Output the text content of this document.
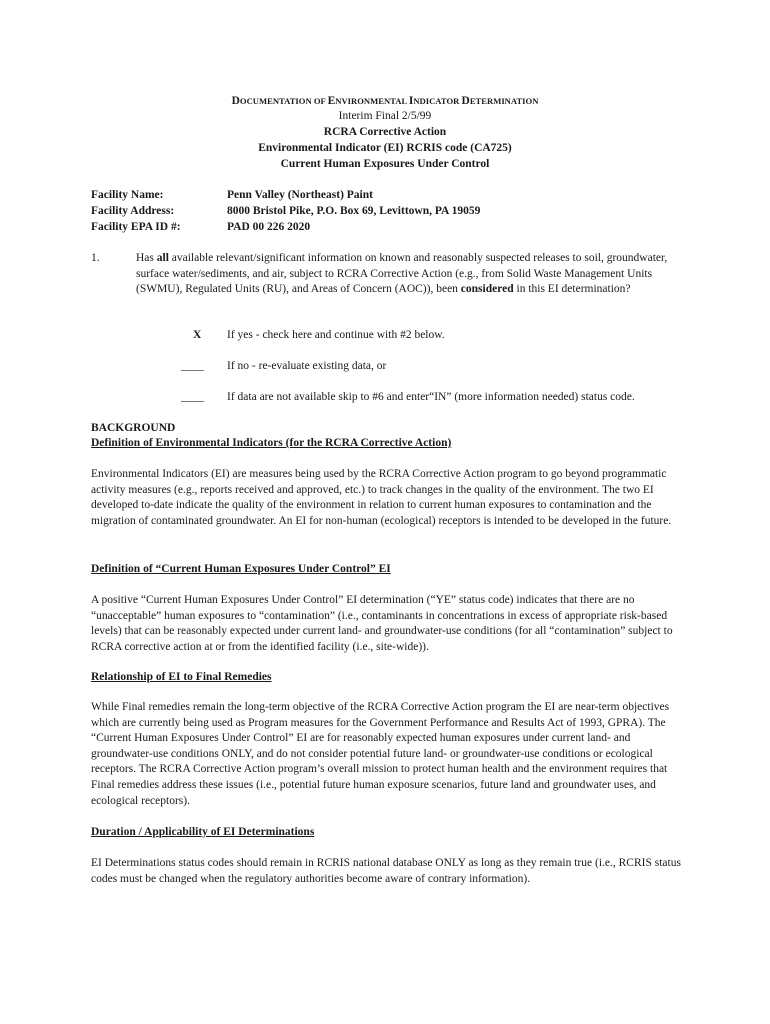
DOCUMENTATION OF ENVIRONMENTAL INDICATOR DETERMINATION
Interim Final 2/5/99
RCRA Corrective Action
Environmental Indicator (EI) RCRIS code (CA725)
Current Human Exposures Under Control
Facility Name:	Penn Valley (Northeast) Paint
Facility Address:	8000 Bristol Pike, P.O. Box 69, Levittown, PA 19059
Facility EPA ID #:	PAD 00 226 2020
1.	Has all available relevant/significant information on known and reasonably suspected releases to soil, groundwater, surface water/sediments, and air, subject to RCRA Corrective Action (e.g., from Solid Waste Management Units (SWMU), Regulated Units (RU), and Areas of Concern (AOC)), been considered in this EI determination?

X If yes - check here and continue with #2 below.
____ If no - re-evaluate existing data, or
____ If data are not available skip to #6 and enter“IN” (more information needed) status code.
BACKGROUND
Definition of Environmental Indicators (for the RCRA Corrective Action)

Environmental Indicators (EI) are measures being used by the RCRA Corrective Action program to go beyond programmatic activity measures (e.g., reports received and approved, etc.) to track changes in the quality of the environment. The two EI developed to-date indicate the quality of the environment in relation to current human exposures to contamination and the migration of contaminated groundwater. An EI for non-human (ecological) receptors is intended to be developed in the future.

Definition of “Current Human Exposures Under Control” EI

A positive “Current Human Exposures Under Control” EI determination (“YE” status code) indicates that there are no “unacceptable” human exposures to “contamination” (i.e., contaminants in concentrations in excess of appropriate risk-based levels) that can be reasonably expected under current land- and groundwater-use conditions (for all “contamination” subject to RCRA corrective action at or from the identified facility (i.e., site-wide)).

Relationship of EI to Final Remedies

While Final remedies remain the long-term objective of the RCRA Corrective Action program the EI are near-term objectives which are currently being used as Program measures for the Government Performance and Results Act of 1993, GPRA). The “Current Human Exposures Under Control” EI are for reasonably expected human exposures under current land- and groundwater-use conditions ONLY, and do not consider potential future land- or groundwater-use conditions or ecological receptors. The RCRA Corrective Action program’s overall mission to protect human health and the environment requires that Final remedies address these issues (i.e., potential future human exposure scenarios, future land and groundwater uses, and ecological receptors).

Duration / Applicability of EI Determinations

EI Determinations status codes should remain in RCRIS national database ONLY as long as they remain true (i.e., RCRIS status codes must be changed when the regulatory authorities become aware of contrary information).
